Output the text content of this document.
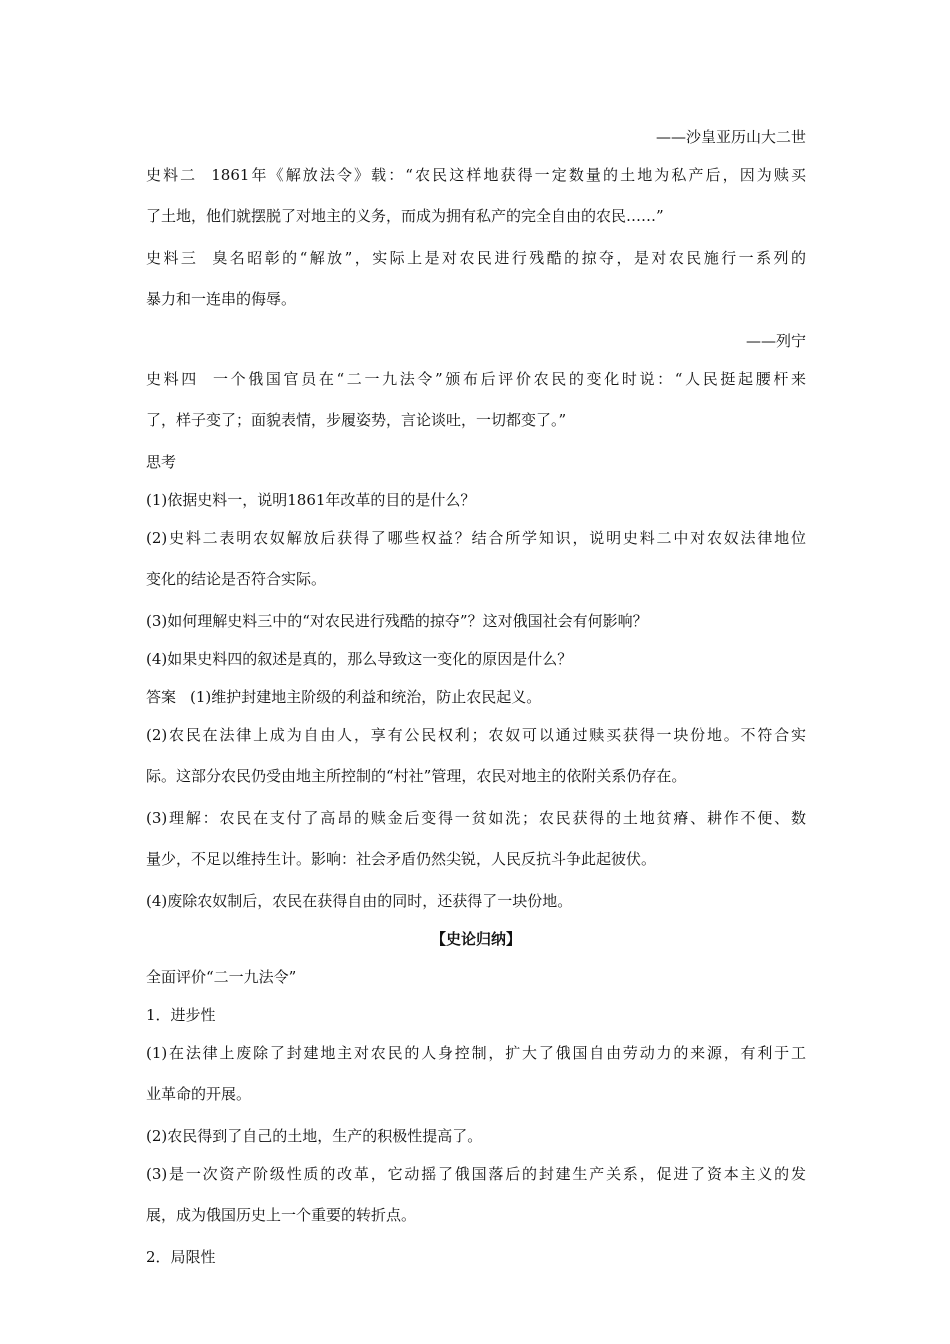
——沙皇亚历山大二世
史料二 1861年《解放法令》载：“农民这样地获得一定数量的土地为私产后，因为赎买
了土地，他们就摆脱了对地主的义务，而成为拥有私产的完全自由的农民……”
史料三 臭名昭彰的“解放”，实际上是对农民进行残酷的掠夺，是对农民施行一系列的
暴力和一连串的侮辱。
——列宁
史料四 一个俄国官员在“二一九法令”颁布后评价农民的变化时说：“人民挺起腰杆来
了，样子变了；面貌表情，步履姿势，言论谈吐，一切都变了。”
思考
(1)依据史料一，说明1861年改革的目的是什么？
(2)史料二表明农奴解放后获得了哪些权益？结合所学知识，说明史料二中对农奴法律地位
变化的结论是否符合实际。
(3)如何理解史料三中的“对农民进行残酷的掠夺”？这对俄国社会有何影响？
(4)如果史料四的叙述是真的，那么导致这一变化的原因是什么？
答案 (1)维护封建地主阶级的利益和统治，防止农民起义。
(2)农民在法律上成为自由人，享有公民权利；农奴可以通过赎买获得一块份地。不符合实
际。这部分农民仍受由地主所控制的“村社”管理，农民对地主的依附关系仍存在。
(3)理解：农民在支付了高昂的赎金后变得一贫如洗；农民获得的土地贫瘠、耕作不便、数
量少，不足以维持生计。影响：社会矛盾仍然尖锐，人民反抗斗争此起彼伏。
(4)废除农奴制后，农民在获得自由的同时，还获得了一块份地。
【史论归纳】
全面评价“二一九法令”
1．进步性
(1)在法律上废除了封建地主对农民的人身控制，扩大了俄国自由劳动力的来源，有利于工
业革命的开展。
(2)农民得到了自己的土地，生产的积极性提高了。
(3)是一次资产阶级性质的改革，它动摇了俄国落后的封建生产关系，促进了资本主义的发
展，成为俄国历史上一个重要的转折点。
2．局限性
